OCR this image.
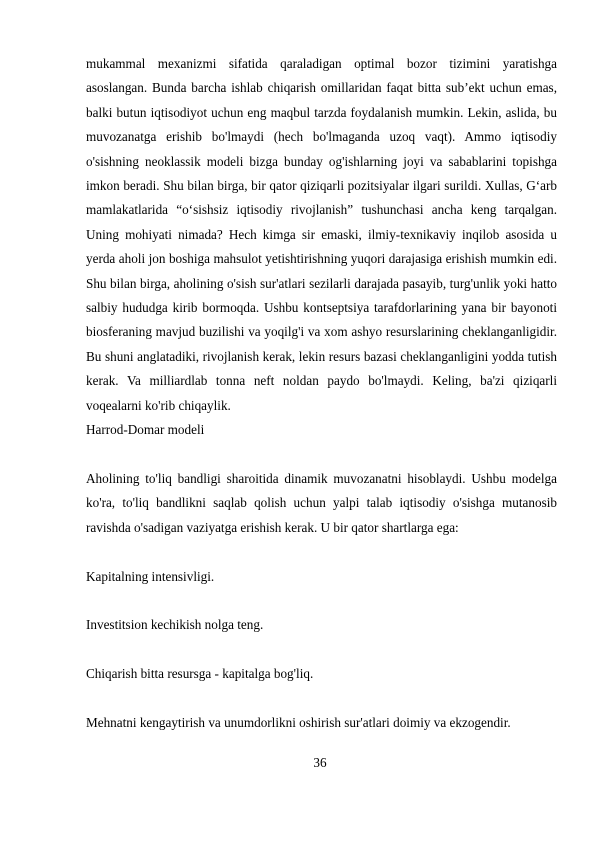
mukammal mexanizmi sifatida qaraladigan optimal bozor tizimini yaratishga asoslangan. Bunda barcha ishlab chiqarish omillaridan faqat bitta sub’ekt uchun emas, balki butun iqtisodiyot uchun eng maqbul tarzda foydalanish mumkin. Lekin, aslida, bu muvozanatga erishib bo'lmaydi (hech bo'lmaganda uzoq vaqt). Ammo iqtisodiy o'sishning neoklassik modeli bizga bunday og'ishlarning joyi va sabablarini topishga imkon beradi. Shu bilan birga, bir qator qiziqarli pozitsiyalar ilgari surildi. Xullas, G‘arb mamlakatlarida “o‘sishsiz iqtisodiy rivojlanish” tushunchasi ancha keng tarqalgan. Uning mohiyati nimada? Hech kimga sir emaski, ilmiy-texnikaviy inqilob asosida u yerda aholi jon boshiga mahsulot yetishtirishning yuqori darajasiga erishish mumkin edi. Shu bilan birga, aholining o'sish sur'atlari sezilarli darajada pasayib, turg'unlik yoki hatto salbiy hududga kirib bormoqda. Ushbu kontseptsiya tarafdorlarining yana bir bayonoti biosferaning mavjud buzilishi va yoqilg'i va xom ashyo resurslarining cheklanganligidir. Bu shuni anglatadiki, rivojlanish kerak, lekin resurs bazasi cheklanganligini yodda tutish kerak. Va milliardlab tonna neft noldan paydo bo'lmaydi. Keling, ba'zi qiziqarli voqealarni ko'rib chiqaylik.

Harrod-Domar modeli

Aholining to'liq bandligi sharoitida dinamik muvozanatni hisoblaydi. Ushbu modelga ko'ra, to'liq bandlikni saqlab qolish uchun yalpi talab iqtisodiy o'sishga mutanosib ravishda o'sadigan vaziyatga erishish kerak. U bir qator shartlarga ega:

Kapitalning intensivligi.

Investitsion kechikish nolga teng.

Chiqarish bitta resursga - kapitalga bog'liq.

Mehnatni kengaytirish va unumdorlikni oshirish sur'atlari doimiy va ekzogendir.

36
